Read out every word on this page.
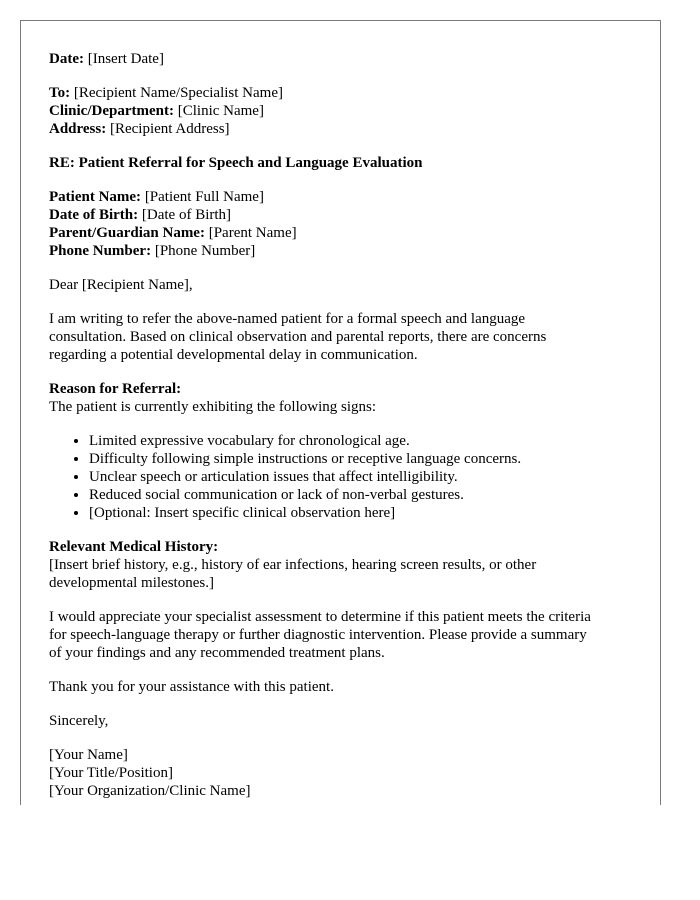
Date: [Insert Date]
To: [Recipient Name/Specialist Name]
Clinic/Department: [Clinic Name]
Address: [Recipient Address]
RE: Patient Referral for Speech and Language Evaluation
Patient Name: [Patient Full Name]
Date of Birth: [Date of Birth]
Parent/Guardian Name: [Parent Name]
Phone Number: [Phone Number]
Dear [Recipient Name],
I am writing to refer the above-named patient for a formal speech and language
consultation. Based on clinical observation and parental reports, there are concerns
regarding a potential developmental delay in communication.
Reason for Referral:
The patient is currently exhibiting the following signs:
• Limited expressive vocabulary for chronological age.
• Difficulty following simple instructions or receptive language concerns.
• Unclear speech or articulation issues that affect intelligibility.
• Reduced social communication or lack of non-verbal gestures.
• [Optional: Insert specific clinical observation here]
Relevant Medical History:
[Insert brief history, e.g., history of ear infections, hearing screen results, or other
developmental milestones.]
I would appreciate your specialist assessment to determine if this patient meets the criteria
for speech-language therapy or further diagnostic intervention. Please provide a summary
of your findings and any recommended treatment plans.
Thank you for your assistance with this patient.
Sincerely,
[Your Name]
[Your Title/Position]
[Your Organization/Clinic Name]
